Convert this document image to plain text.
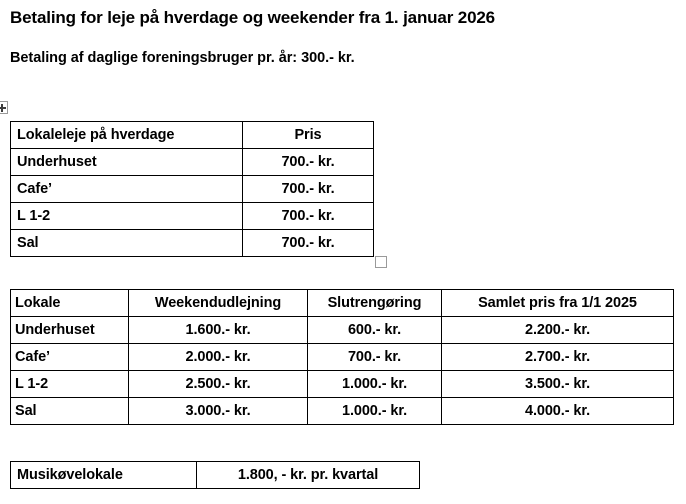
Betaling for leje på hverdage og weekender fra 1. januar 2026
Betaling af daglige foreningsbruger pr. år: 300.- kr.
Lokaleleje på hverdage	Pris
Underhuset	700.- kr.
Cafe’	700.- kr.
L 1-2	700.- kr.
Sal	700.- kr.
Lokale	Weekendudlejning	Slutrengøring	Samlet pris fra 1/1 2025
Underhuset	1.600.- kr.	600.- kr.	2.200.- kr.
Cafe’	2.000.- kr.	700.- kr.	2.700.- kr.
L 1-2	2.500.- kr.	1.000.- kr.	3.500.- kr.
Sal	3.000.- kr.	1.000.- kr.	4.000.- kr.
Musikøvelokale	1.800, - kr. pr. kvartal
